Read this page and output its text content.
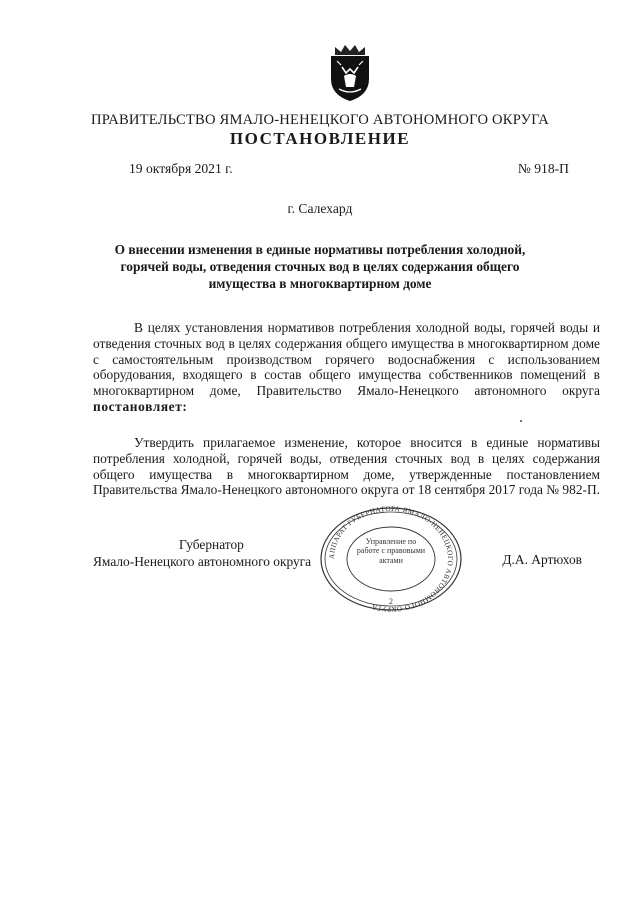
ПРАВИТЕЛЬСТВО ЯМАЛО-НЕНЕЦКОГО АВТОНОМНОГО ОКРУГА
ПОСТАНОВЛЕНИЕ
19 октября 2021 г.	№ 918-П
г. Салехард
О внесении изменения в единые нормативы потребления холодной, горячей воды, отведения сточных вод в целях содержания общего имущества в многоквартирном доме
В целях установления нормативов потребления холодной воды, горячей воды и отведения сточных вод в целях содержания общего имущества в многоквартирном доме с самостоятельным производством горячего водоснабжения с использованием оборудования, входящего в состав общего имущества собственников помещений в многоквартирном доме, Правительство Ямало-Ненецкого автономного округа постановляет:
Утвердить прилагаемое изменение, которое вносится в единые нормативы потребления холодной, горячей воды, отведения сточных вод в целях содержания общего имущества в многоквартирном доме, утвержденные постановлением Правительства Ямало-Ненецкого автономного округа от 18 сентября 2017 года № 982-П.
Губернатор
Ямало-Ненецкого автономного округа	Д.А. Артюхов
АППАРАТ ГУБЕРНАТОРА ЯМАЛО-НЕНЕЦКОГО АВТОНОМНОГО ОКРУГА
Управление по работе с правовыми актами
2
